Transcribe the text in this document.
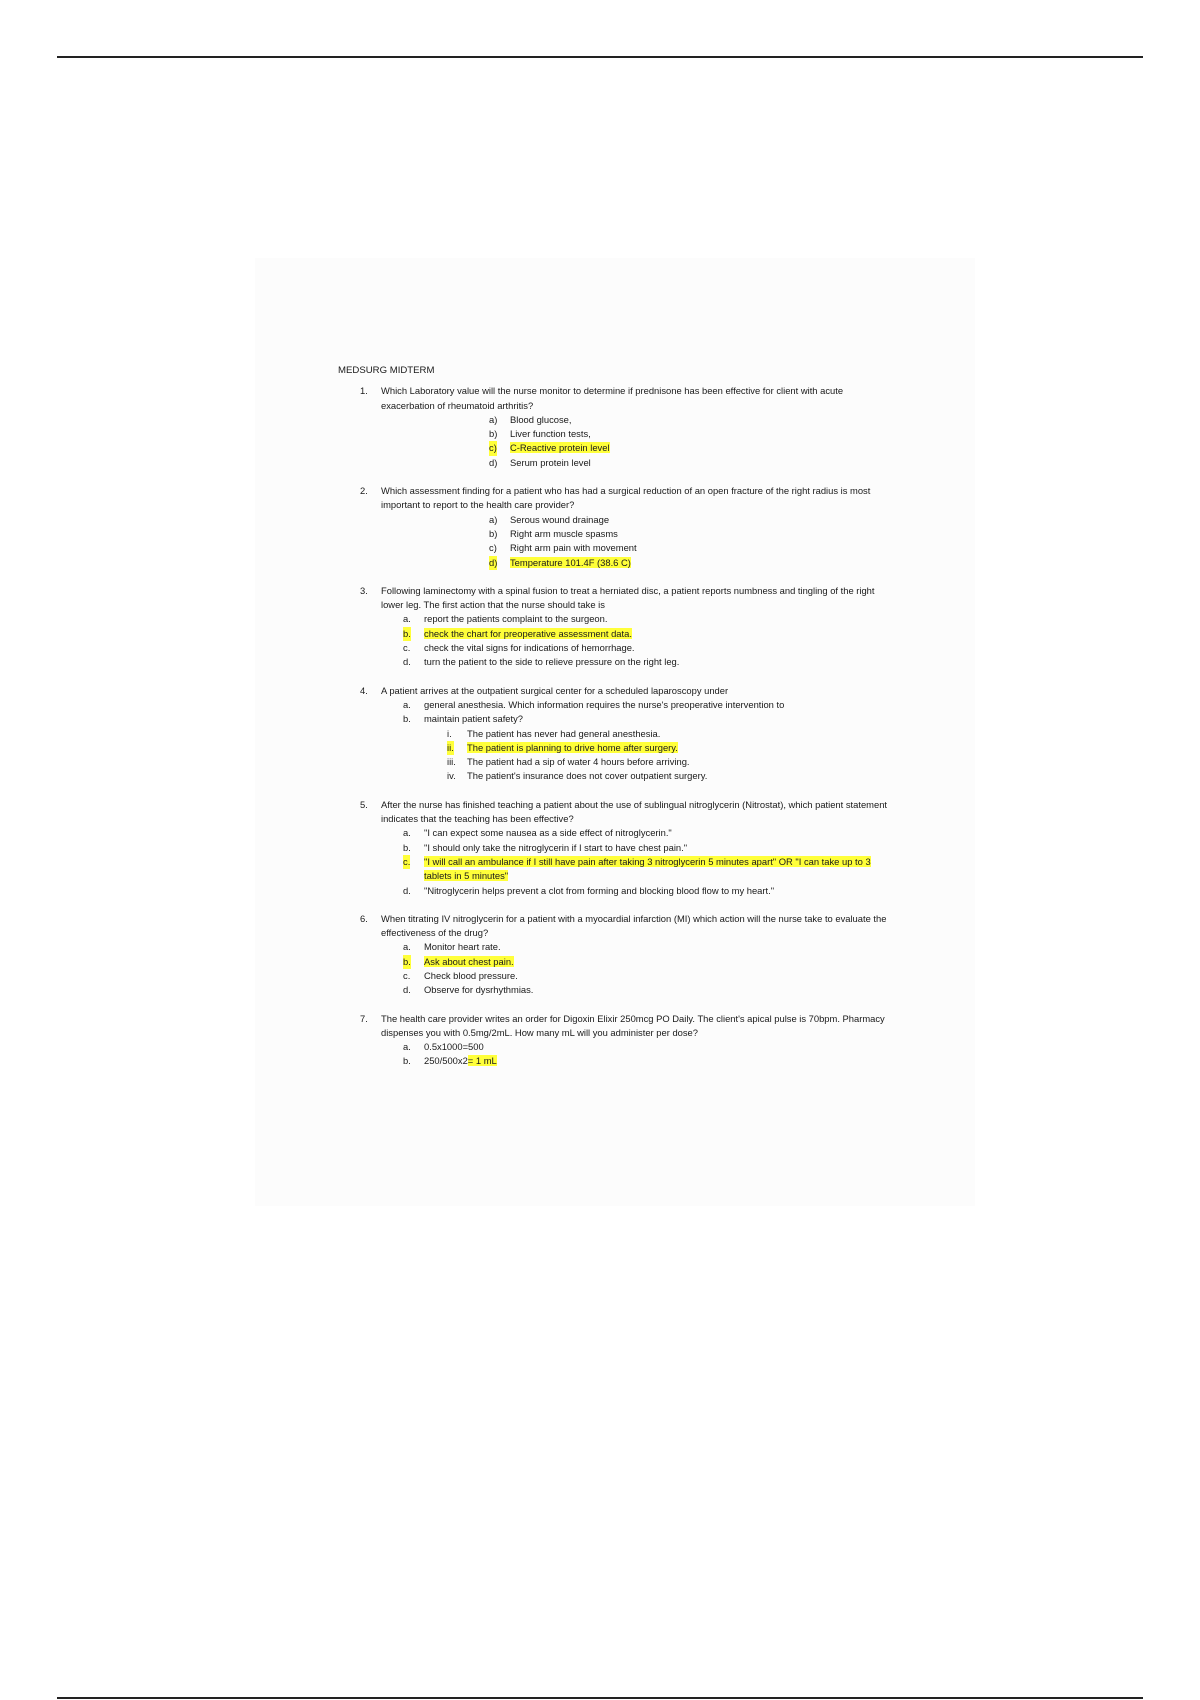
MEDSURG MIDTERM

1. Which Laboratory value will the nurse monitor to determine if prednisone has been effective for client with acute exacerbation of rheumatoid arthritis?

a) Blood glucose,
b) Liver function tests,
c) C-Reactive protein level
d) Serum protein level
2. Which assessment finding for a patient who has had a surgical reduction of an open fracture of the right radius is most important to report to the health care provider?

a) Serous wound drainage
b) Right arm muscle spasms
c) Right arm pain with movement
d) Temperature 101.4F (38.6 C)
3. Following laminectomy with a spinal fusion to treat a herniated disc, a patient reports numbness and tingling of the right lower leg. The first action that the nurse should take is

a. report the patients complaint to the surgeon.
b. check the chart for preoperative assessment data.
c. check the vital signs for indications of hemorrhage.
d. turn the patient to the side to relieve pressure on the right leg.
4. A patient arrives at the outpatient surgical center for a scheduled laparoscopy under

a. general anesthesia. Which information requires the nurse's preoperative intervention to
b. maintain patient safety?
i. The patient has never had general anesthesia.
ii. The patient is planning to drive home after surgery.
iii. The patient had a sip of water 4 hours before arriving.
iv. The patient's insurance does not cover outpatient surgery.
5. After the nurse has finished teaching a patient about the use of sublingual nitroglycerin (Nitrostat), which patient statement indicates that the teaching has been effective?

a. "I can expect some nausea as a side effect of nitroglycerin."
b. "I should only take the nitroglycerin if I start to have chest pain."
c. "I will call an ambulance if I still have pain after taking 3 nitroglycerin 5 minutes apart" OR "I can take up to 3 tablets in 5 minutes"
d. "Nitroglycerin helps prevent a clot from forming and blocking blood flow to my heart."
6. When titrating IV nitroglycerin for a patient with a myocardial infarction (MI) which action will the nurse take to evaluate the effectiveness of the drug?

a. Monitor heart rate.
b. Ask about chest pain.
c. Check blood pressure.
d. Observe for dysrhythmias.
7. The health care provider writes an order for Digoxin Elixir 250mcg PO Daily. The client's apical pulse is 70bpm. Pharmacy dispenses you with 0.5mg/2mL. How many mL will you administer per dose?

a. 0.5x1000=500
b. 250/500x2= 1 mL
